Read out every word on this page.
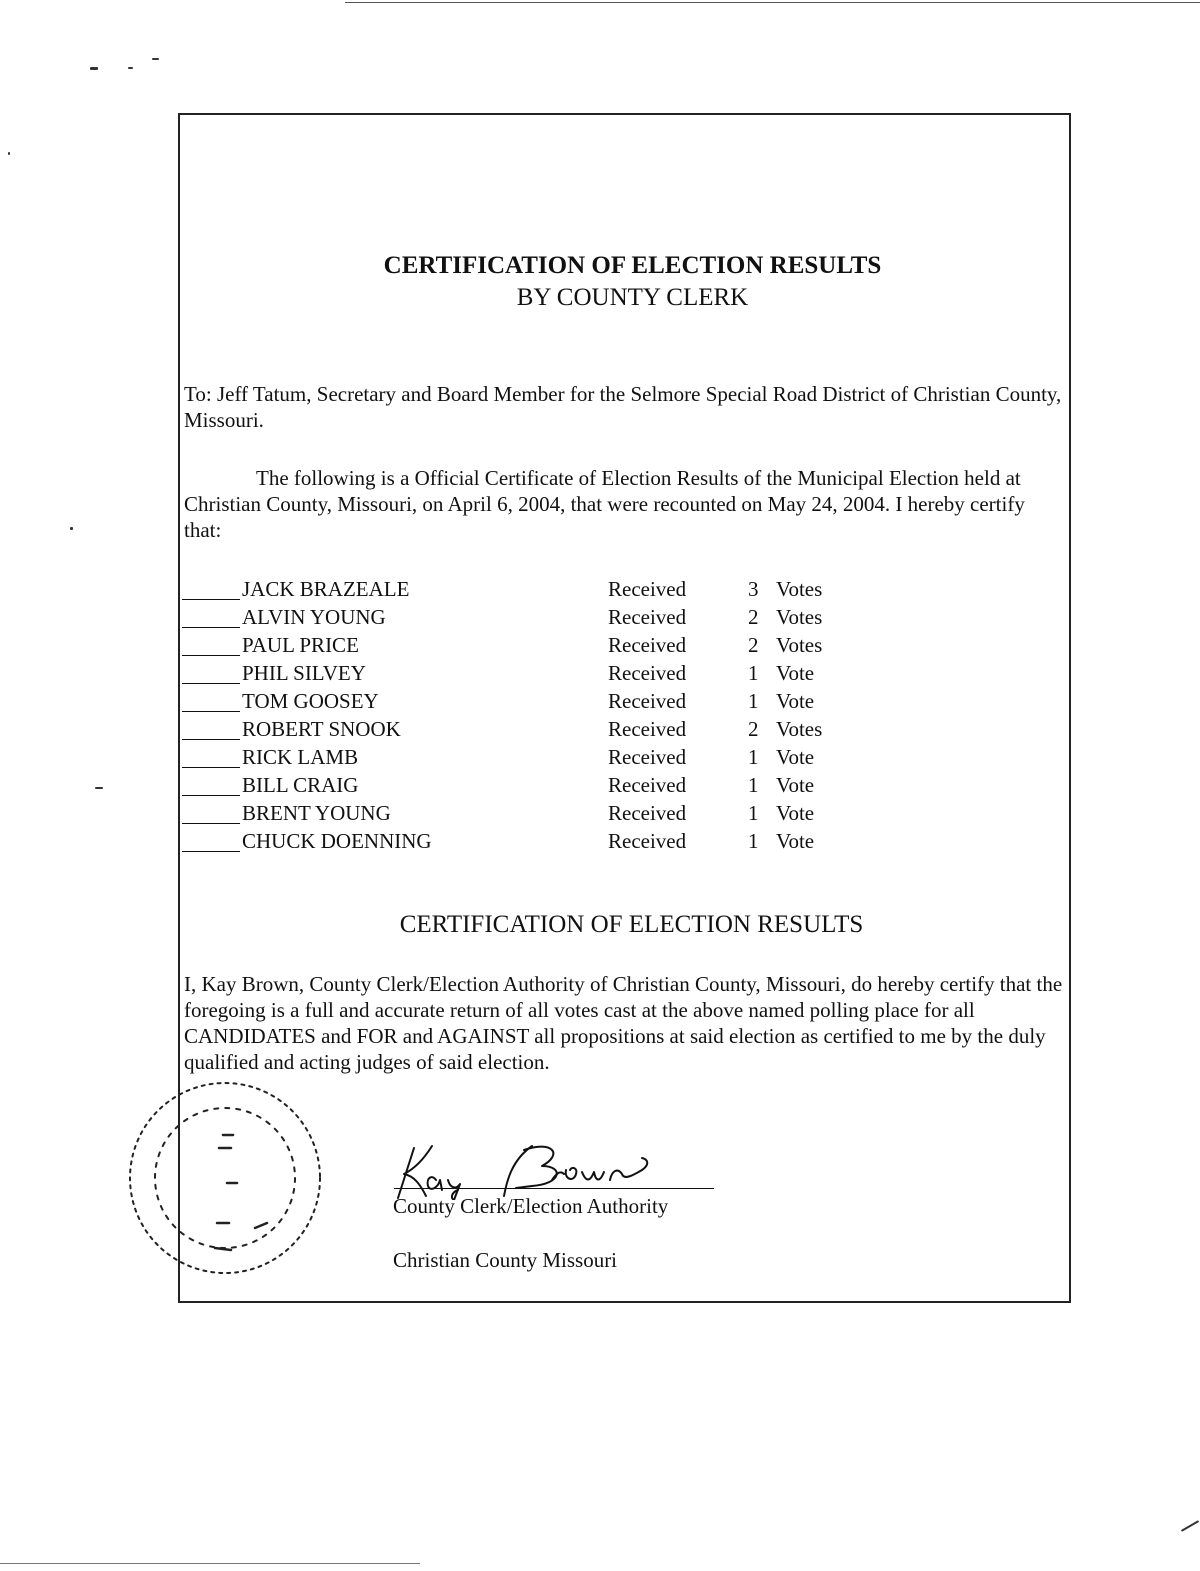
CERTIFICATION OF ELECTION RESULTS
BY COUNTY CLERK

To: Jeff Tatum, Secretary and Board Member for the Selmore Special Road District of Christian County, Missouri.

The following is a Official Certificate of Election Results of the Municipal Election held at Christian County, Missouri, on April 6, 2004, that were recounted on May 24, 2004. I hereby certify that:

JACK BRAZEALE	Received	3 Votes
ALVIN YOUNG	Received	2 Votes
PAUL PRICE	Received	2 Votes
PHIL SILVEY	Received	1 Vote
TOM GOOSEY	Received	1 Vote
ROBERT SNOOK	Received	2 Votes
RICK LAMB	Received	1 Vote
BILL CRAIG	Received	1 Vote
BRENT YOUNG	Received	1 Vote
CHUCK DOENNING	Received	1 Vote
CERTIFICATION OF ELECTION RESULTS

I, Kay Brown, County Clerk/Election Authority of Christian County, Missouri, do hereby certify that the foregoing is a full and accurate return of all votes cast at the above named polling place for all CANDIDATES and FOR and AGAINST all propositions at said election as certified to me by the duly qualified and acting judges of said election.

County Clerk/Election Authority
Christian County Missouri
